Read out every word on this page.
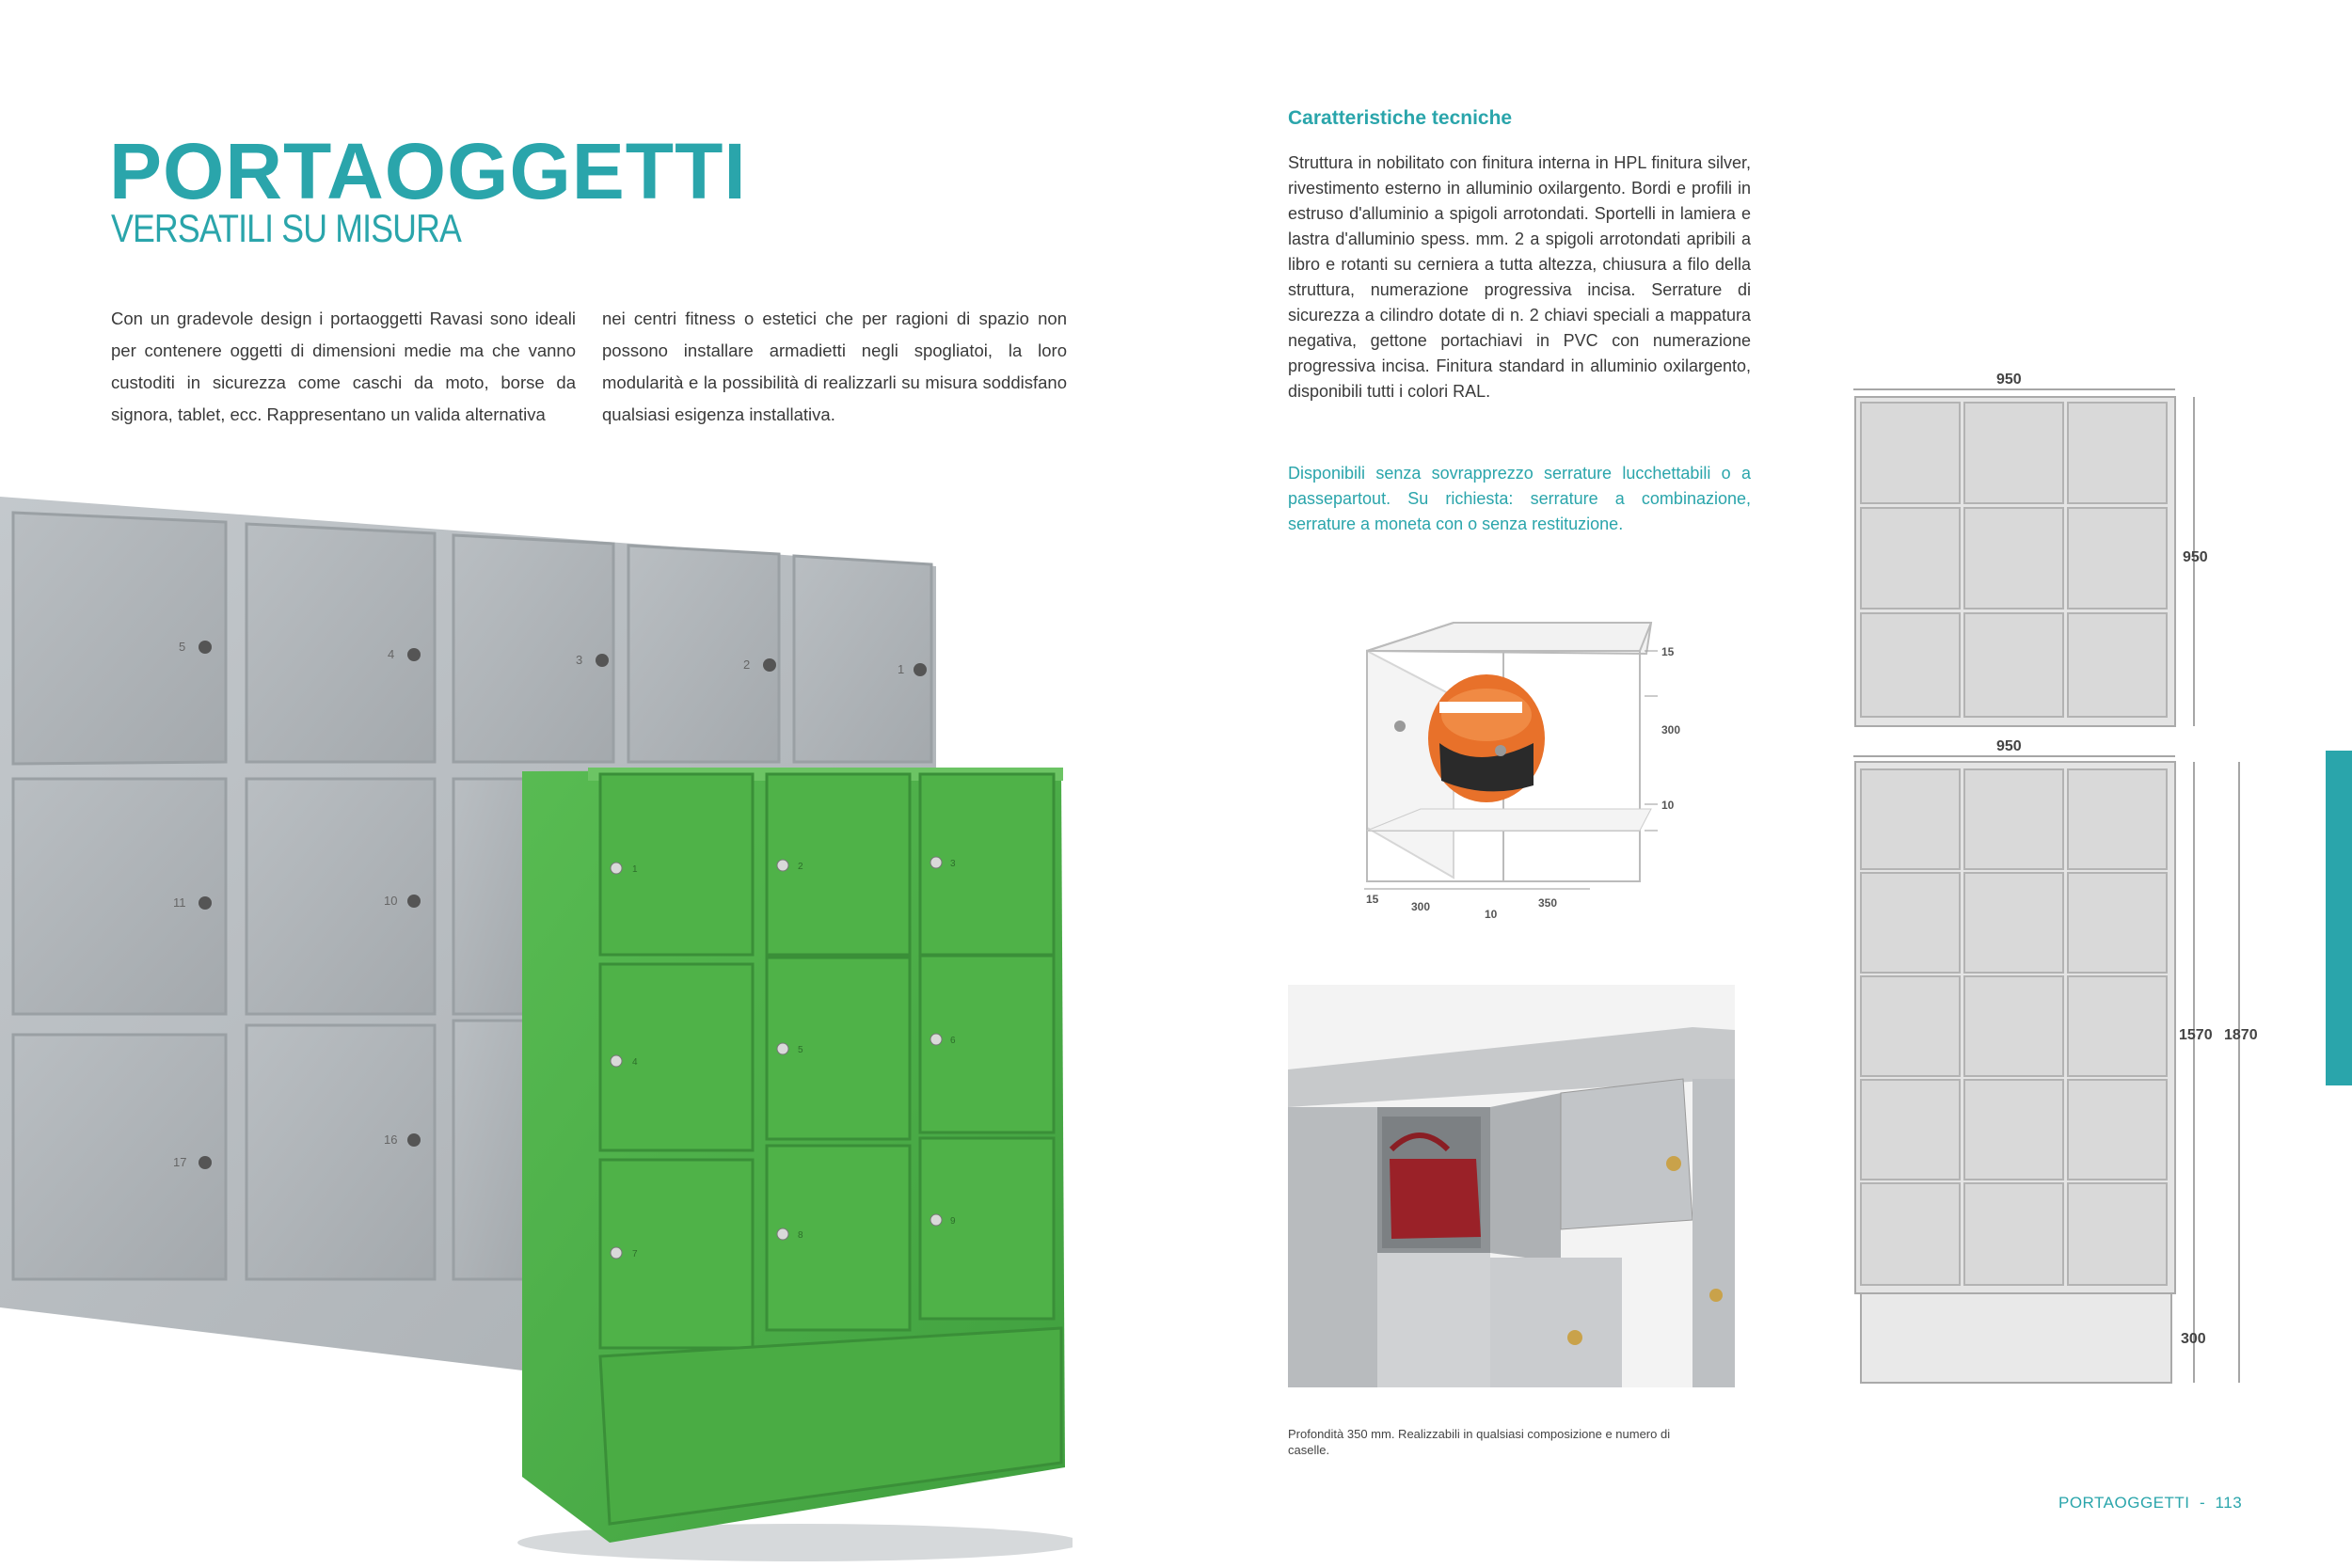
PORTAOGGETTI
VERSATILI SU MISURA
Con un gradevole design i portaoggetti Ravasi sono ideali per contenere oggetti di dimensioni medie ma che vanno custoditi in sicurezza come caschi da moto, borse da signora, tablet, ecc. Rappresentano un valida alternativa
nei centri fitness o estetici che per ragioni di spazio non possono installare armadietti negli spogliatoi, la loro modularità e la possibilità di realizzarli su misura soddisfano qualsiasi esigenza installativa.
Caratteristiche tecniche
Struttura in nobilitato con finitura interna in HPL finitura silver, rivestimento esterno in alluminio oxilargento. Bordi e profili in estruso d'alluminio a spigoli arrotondati. Sportelli in lamiera e lastra d'alluminio spess. mm. 2 a spigoli arrotondati apribili a libro e rotanti su cerniera a tutta altezza, chiusura a filo della struttura, numerazione progressiva incisa. Serrature di sicurezza a cilindro dotate di n. 2 chiavi speciali a mappatura negativa, gettone portachiavi in PVC con numerazione progressiva incisa. Finitura standard in alluminio oxilargento, disponibili tutti i colori RAL.
Disponibili senza sovrapprezzo serrature lucchettabili o a passepartout. Su richiesta: serrature a combinazione, serrature a moneta con o senza restituzione.
5
4	3	2	1
11	10
17
16
1	2	3
4
5
6
7
8
9
15
300
10
15
300
10
350
950
950
950
1570 1870
300
Profondità 350 mm. Realizzabili in qualsiasi composizione e numero di caselle.
PORTAOGGETTI  -  113
